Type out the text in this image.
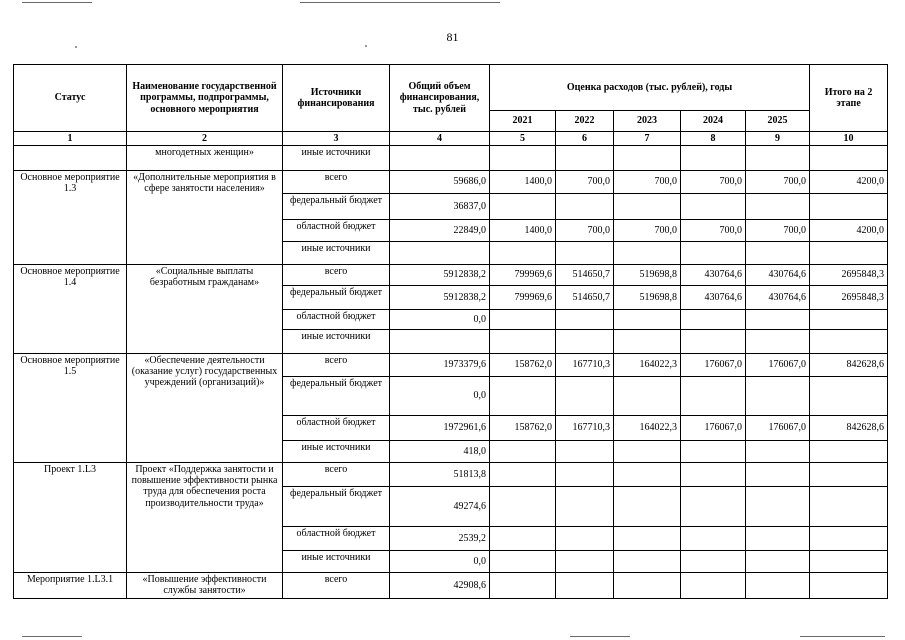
81
Статус	Наименование государственной программы, подпрограммы, основного мероприятия	Источники финансирования	Общий объем финансирования, тыс. рублей	Оценка расходов (тыс. рублей), годы					Итого на 2 этапе
				2021	2022	2023	2024	2025	
1	2	3	4	5	6	7	8	9	10
	многодетных женщин»	иные источники							
Основное мероприятие 1.3	«Дополнительные мероприятия в сфере занятости населения»	всего	59686,0	1400,0	700,0	700,0	700,0	700,0	4200,0
		федеральный бюджет	36837,0						
		областной бюджет	22849,0	1400,0	700,0	700,0	700,0	700,0	4200,0
		иные источники							
Основное мероприятие 1.4	«Социальные выплаты безработным гражданам»	всего	5912838,2	799969,6	514650,7	519698,8	430764,6	430764,6	2695848,3
		федеральный бюджет	5912838,2	799969,6	514650,7	519698,8	430764,6	430764,6	2695848,3
		областной бюджет	0,0						
		иные источники							
Основное мероприятие 1.5	«Обеспечение деятельности (оказание услуг) государственных учреждений (организаций)»	всего	1973379,6	158762,0	167710,3	164022,3	176067,0	176067,0	842628,6
		федеральный бюджет	0,0						
		областной бюджет	1972961,6	158762,0	167710,3	164022,3	176067,0	176067,0	842628,6
		иные источники	418,0						
Проект 1.L3	Проект «Поддержка занятости и повышение эффективности рынка труда для обеспечения роста производительности труда»	всего	51813,8						
		федеральный бюджет	49274,6						
		областной бюджет	2539,2						
		иные источники	0,0						
Мероприятие 1.L3.1	«Повышение эффективности службы занятости»	всего	42908,6						
